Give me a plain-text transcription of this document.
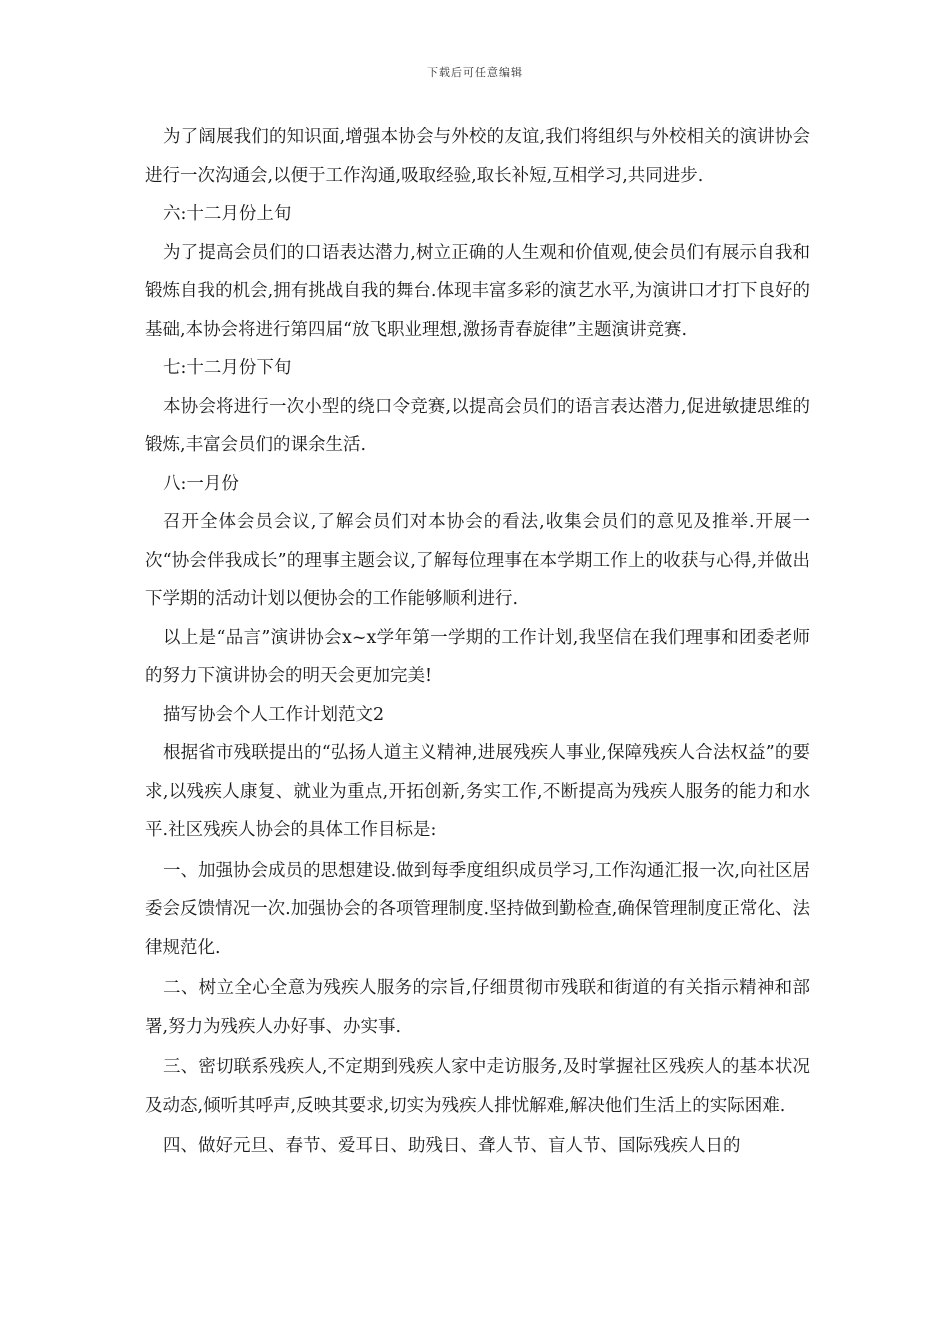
下载后可任意编辑

为了阔展我们的知识面,增强本协会与外校的友谊,我们将组织与外校相关的演讲协会进行一次沟通会,以便于工作沟通,吸取经验,取长补短,互相学习,共同进步.

六:十二月份上旬

为了提高会员们的口语表达潜力,树立正确的人生观和价值观,使会员们有展示自我和锻炼自我的机会,拥有挑战自我的舞台.体现丰富多彩的演艺水平,为演讲口才打下良好的基础,本协会将进行第四届“放飞职业理想,激扬青春旋律”主题演讲竞赛.

七:十二月份下旬

本协会将进行一次小型的绕口令竞赛,以提高会员们的语言表达潜力,促进敏捷思维的锻炼,丰富会员们的课余生活.

八:一月份

召开全体会员会议,了解会员们对本协会的看法,收集会员们的意见及推举.开展一次“协会伴我成长”的理事主题会议,了解每位理事在本学期工作上的收获与心得,并做出下学期的活动计划以便协会的工作能够顺利进行.

以上是“品言”演讲协会x~x学年第一学期的工作计划,我坚信在我们理事和团委老师的努力下演讲协会的明天会更加完美!

描写协会个人工作计划范文2

根据省市残联提出的“弘扬人道主义精神,进展残疾人事业,保障残疾人合法权益”的要求,以残疾人康复、就业为重点,开拓创新,务实工作,不断提高为残疾人服务的能力和水平.社区残疾人协会的具体工作目标是:

一、加强协会成员的思想建设.做到每季度组织成员学习,工作沟通汇报一次,向社区居委会反馈情况一次.加强协会的各项管理制度.坚持做到勤检查,确保管理制度正常化、法律规范化.

二、树立全心全意为残疾人服务的宗旨,仔细贯彻市残联和街道的有关指示精神和部署,努力为残疾人办好事、办实事.

三、密切联系残疾人,不定期到残疾人家中走访服务,及时掌握社区残疾人的基本状况及动态,倾听其呼声,反映其要求,切实为残疾人排忧解难,解决他们生活上的实际困难.

四、做好元旦、春节、爱耳日、助残日、聋人节、盲人节、国际残疾人日的
